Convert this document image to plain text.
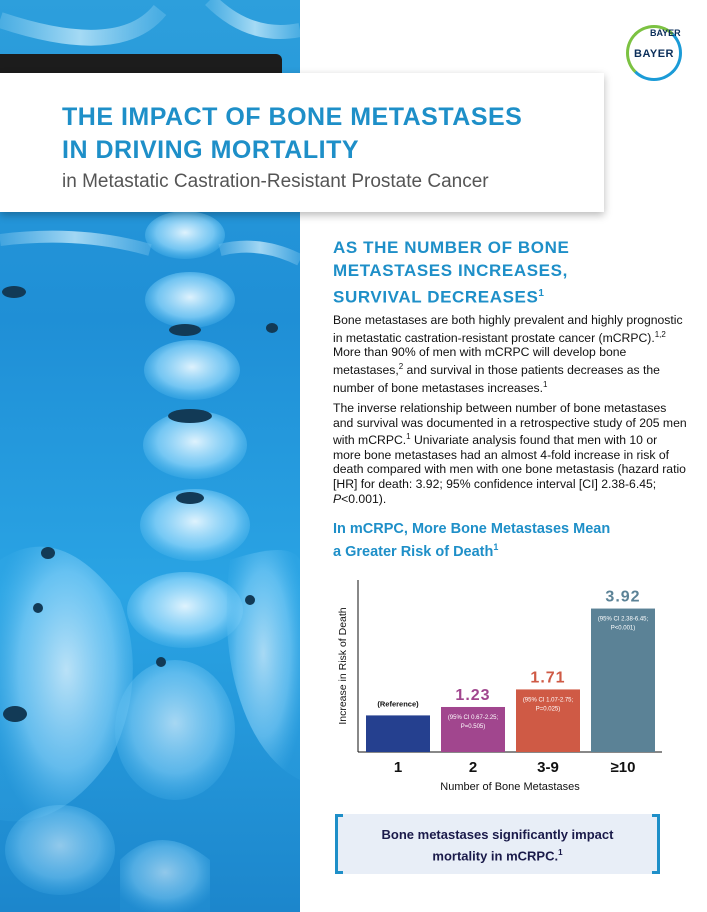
THE IMPACT OF BONE METASTASES
IN DRIVING MORTALITY
in Metastatic Castration-Resistant Prostate Cancer
BAYER
BAYER
AS THE NUMBER OF BONE
METASTASES INCREASES,
SURVIVAL DECREASES$^1$

Bone metastases are both highly prevalent and highly prognostic in metastatic castration-resistant prostate cancer (mCRPC).$^{1,2}$ More than 90% of men with mCRPC will develop bone metastases,$^2$ and survival in those patients decreases as the number of bone metastases increases.$^1$

The inverse relationship between number of bone metastases and survival was documented in a retrospective study of 205 men with mCRPC.$^1$ Univariate analysis found that men with 10 or more bone metastases had an almost 4-fold increase in risk of death compared with men with one bone metastasis (hazard ratio [HR] for death: 3.92; 95% confidence interval [CI] 2.38-6.45; P<0.001).

In mCRPC, More Bone Metastases Mean
a Greater Risk of Death$^1$
Increase in Risk of Death
Number of Bone Metastases
1
(Reference)
2
1.23
(95% CI 0.67-2.25;
P=0.505)
3-9
1.71
(95% CI 1.07-2.75;
P=0.025)
≥10
3.92
(95% CI 2.38-6.45;
P<0.001)
Bone metastases significantly impact
mortality in mCRPC.$^1$
